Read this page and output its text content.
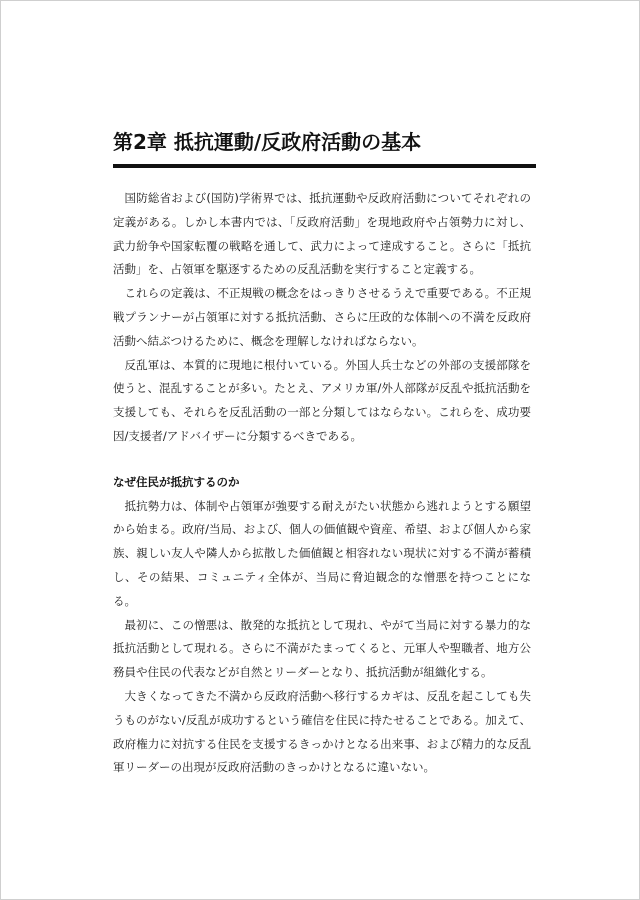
第2章 抵抗運動/反政府活動の基本

国防総省および(国防)学術界では、抵抗運動や反政府活動についてそれぞれの定義がある。しかし本書内では、「反政府活動」を現地政府や占領勢力に対し、武力紛争や国家転覆の戦略を通して、武力によって達成すること。さらに「抵抗活動」を、占領軍を駆逐するための反乱活動を実行すること定義する。

これらの定義は、不正規戦の概念をはっきりさせるうえで重要である。不正規戦プランナーが占領軍に対する抵抗活動、さらに圧政的な体制への不満を反政府活動へ結ぶつけるために、概念を理解しなければならない。

反乱軍は、本質的に現地に根付いている。外国人兵士などの外部の支援部隊を使うと、混乱することが多い。たとえ、アメリカ軍/外人部隊が反乱や抵抗活動を支援しても、それらを反乱活動の一部と分類してはならない。これらを、成功要因/支援者/アドバイザーに分類するべきである。

なぜ住民が抵抗するのか

抵抗勢力は、体制や占領軍が強要する耐えがたい状態から逃れようとする願望から始まる。政府/当局、および、個人の価値観や資産、希望、および個人から家族、親しい友人や隣人から拡散した価値観と相容れない現状に対する不満が蓄積し、その結果、コミュニティ全体が、当局に脅迫観念的な憎悪を持つことになる。

最初に、この憎悪は、散発的な抵抗として現れ、やがて当局に対する暴力的な抵抗活動として現れる。さらに不満がたまってくると、元軍人や聖職者、地方公務員や住民の代表などが自然とリーダーとなり、抵抗活動が組織化する。

大きくなってきた不満から反政府活動へ移行するカギは、反乱を起こしても失うものがない/反乱が成功するという確信を住民に持たせることである。加えて、政府権力に対抗する住民を支援するきっかけとなる出来事、および精力的な反乱軍リーダーの出現が反政府活動のきっかけとなるに違いない。
